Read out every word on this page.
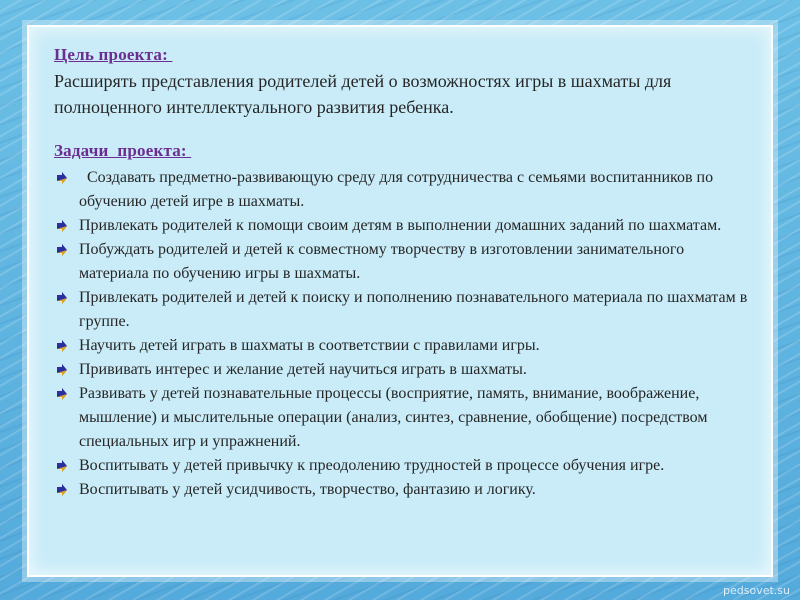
Цель проекта:
Расширять представления родителей детей о возможностях игры в шахматы для полноценного интеллектуального развития ребенка.
Задачи  проекта:
Создавать предметно-развивающую среду для сотрудничества с семьями воспитанников по обучению детей игре в шахматы.
Привлекать родителей к помощи своим детям в выполнении домашних заданий по шахматам.
Побуждать родителей и детей к совместному творчеству в изготовлении занимательного материала по обучению игры в шахматы.
Привлекать родителей и детей к поиску и пополнению познавательного материала по шахматам в группе.
Научить детей играть в шахматы в соответствии с правилами игры.
Прививать интерес и желание детей научиться играть в шахматы.
Развивать у детей познавательные процессы (восприятие, память, внимание, воображение, мышление) и мыслительные операции (анализ, синтез, сравнение, обобщение) посредством специальных игр и упражнений.
Воспитывать у детей привычку к преодолению трудностей в процессе обучения игре.
Воспитывать у детей усидчивость, творчество, фантазию и логику.
pedsovet.su
